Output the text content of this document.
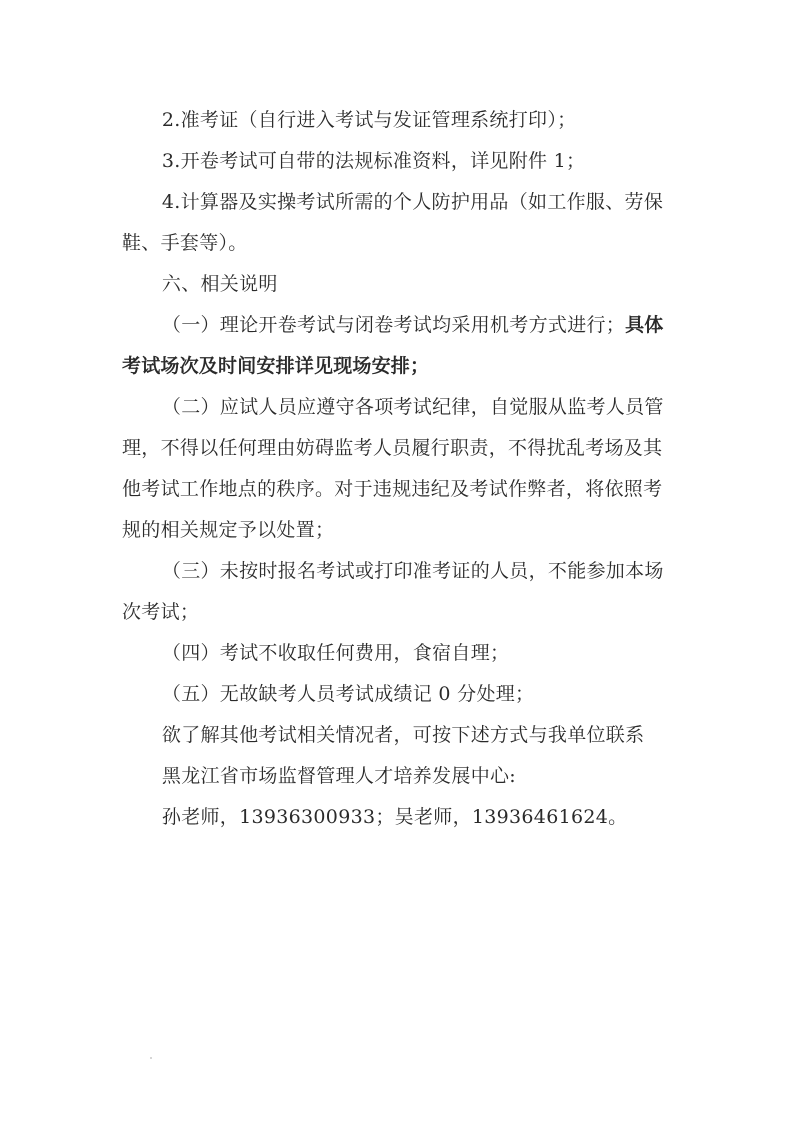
2.准考证（自行进入考试与发证管理系统打印）；

3.开卷考试可自带的法规标准资料，详见附件 1；

4.计算器及实操考试所需的个人防护用品（如工作服、劳保鞋、手套等）。

六、相关说明

（一）理论开卷考试与闭卷考试均采用机考方式进行；具体考试场次及时间安排详见现场安排；

（二）应试人员应遵守各项考试纪律，自觉服从监考人员管理，不得以任何理由妨碍监考人员履行职责，不得扰乱考场及其他考试工作地点的秩序。对于违规违纪及考试作弊者，将依照考规的相关规定予以处置；

（三）未按时报名考试或打印准考证的人员，不能参加本场次考试；

（四）考试不收取任何费用，食宿自理；

（五）无故缺考人员考试成绩记 0 分处理；

欲了解其他考试相关情况者，可按下述方式与我单位联系

黑龙江省市场监督管理人才培养发展中心:

孙老师，13936300933；吴老师，13936461624。
